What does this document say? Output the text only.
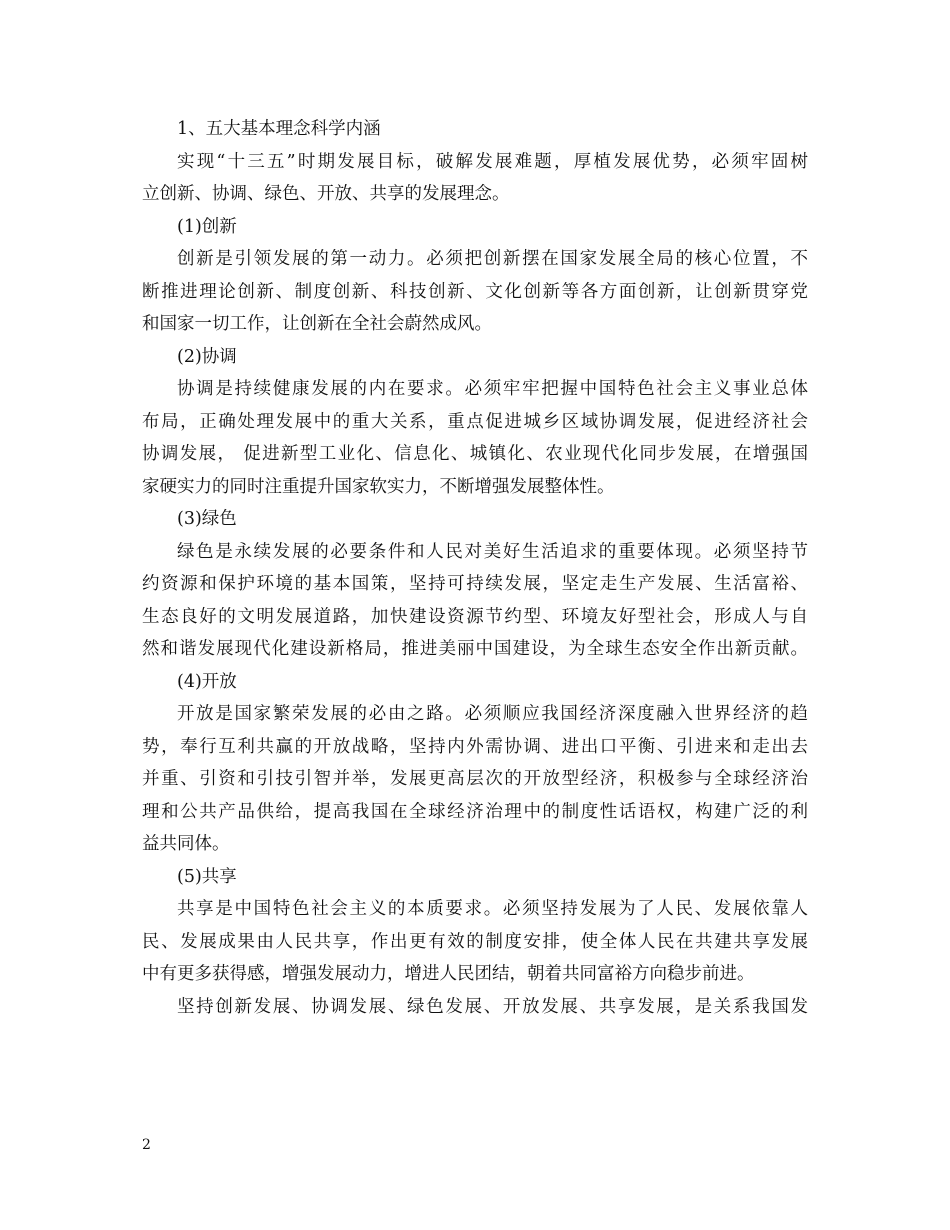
1、五大基本理念科学内涵
实现“十三五”时期发展目标，破解发展难题，厚植发展优势，必须牢固树
立创新、协调、绿色、开放、共享的发展理念。
(1)创新
创新是引领发展的第一动力。必须把创新摆在国家发展全局的核心位置，不
断推进理论创新、制度创新、科技创新、文化创新等各方面创新，让创新贯穿党
和国家一切工作，让创新在全社会蔚然成风。
(2)协调
协调是持续健康发展的内在要求。必须牢牢把握中国特色社会主义事业总体
布局，正确处理发展中的重大关系，重点促进城乡区域协调发展，促进经济社会
协调发展， 促进新型工业化、信息化、城镇化、农业现代化同步发展，在增强国
家硬实力的同时注重提升国家软实力，不断增强发展整体性。
(3)绿色
绿色是永续发展的必要条件和人民对美好生活追求的重要体现。必须坚持节
约资源和保护环境的基本国策，坚持可持续发展，坚定走生产发展、生活富裕、
生态良好的文明发展道路，加快建设资源节约型、环境友好型社会，形成人与自
然和谐发展现代化建设新格局，推进美丽中国建设，为全球生态安全作出新贡献。
(4)开放
开放是国家繁荣发展的必由之路。必须顺应我国经济深度融入世界经济的趋
势，奉行互利共赢的开放战略，坚持内外需协调、进出口平衡、引进来和走出去
并重、引资和引技引智并举，发展更高层次的开放型经济，积极参与全球经济治
理和公共产品供给，提高我国在全球经济治理中的制度性话语权，构建广泛的利
益共同体。
(5)共享
共享是中国特色社会主义的本质要求。必须坚持发展为了人民、发展依靠人
民、发展成果由人民共享，作出更有效的制度安排，使全体人民在共建共享发展
中有更多获得感，增强发展动力，增进人民团结，朝着共同富裕方向稳步前进。
坚持创新发展、协调发展、绿色发展、开放发展、共享发展，是关系我国发
2
